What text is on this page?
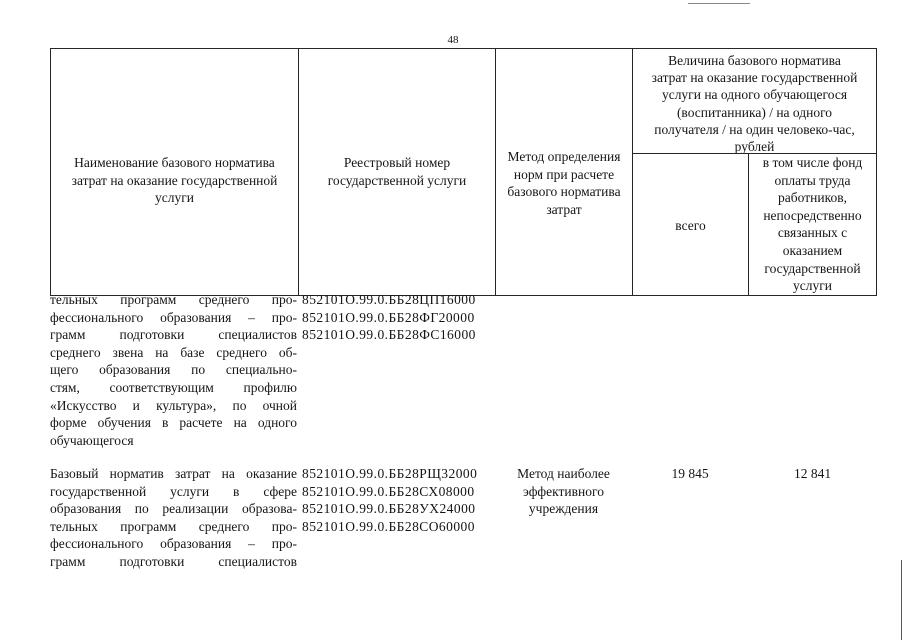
48
Наименование базового норматива
затрат на оказание государственной
услуги
Реестровый номер
государственной услуги
Метод определения
норм при расчете
базового норматива
затрат
Величина базового норматива
затрат на оказание государственной
услуги на одного обучающегося
(воспитанника) / на одного
получателя / на один человеко-час,
рублей
всего
в том числе фонд
оплаты труда
работников,
непосредственно
связанных с
оказанием
государственной
услуги
тельных программ среднего про-
фессионального образования – про-
грамм подготовки специалистов
среднего звена на базе среднего об-
щего образования по специально-
стям, соответствующим профилю
«Искусство и культура», по очной
форме обучения в расчете на одного
обучающегося
852101О.99.0.ББ28ЦП16000
852101О.99.0.ББ28ФГ20000
852101О.99.0.ББ28ФС16000
Базовый норматив затрат на оказание
государственной услуги в сфере
образования по реализации образова-
тельных программ среднего про-
фессионального образования – про-
грамм подготовки специалистов
852101О.99.0.ББ28РЩ32000
852101О.99.0.ББ28СХ08000
852101О.99.0.ББ28УХ24000
852101О.99.0.ББ28СО60000
Метод наиболее
эффективного
учреждения
19 845	12 841
